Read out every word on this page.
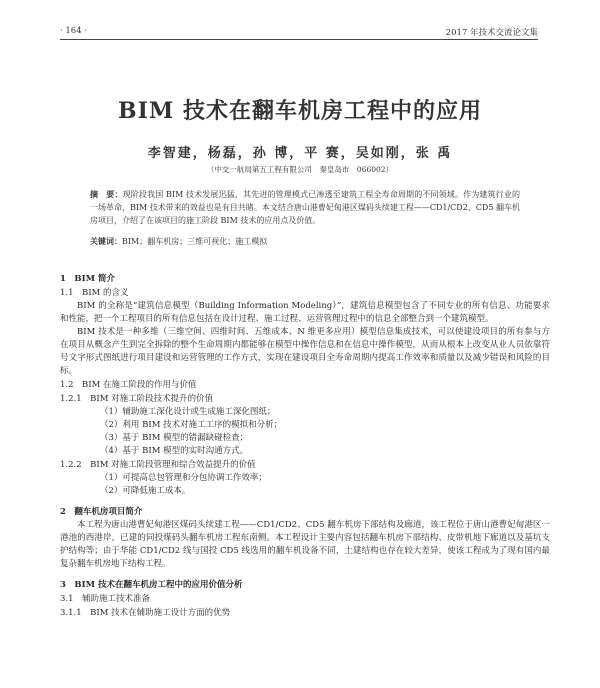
· 164 ·	2017 年技术交流论文集
BIM 技术在翻车机房工程中的应用
李智建，杨磊，孙 博，平 赛，吴如刚，张 禹
（中交一航局第五工程有限公司　秦皇岛市　066002）
摘　要：现阶段我国 BIM 技术发展迅猛，其先进的管理模式已渗透至建筑工程全寿命周期的不同领域。作为建筑行业的一场革命，BIM 技术带来的效益也是有目共睹。本文结合唐山港曹妃甸港区煤码头续建工程——CD1/CD2、CD5 翻车机房项目，介绍了在该项目的施工阶段 BIM 技术的应用点及价值。
关键词：BIM；翻车机房；三维可视化；施工模拟
1　BIM 简介
1.1　BIM 的含义
BIM 的全称是“建筑信息模型（Building Information Modeling）”，建筑信息模型包含了不同专业的所有信息、功能要求和性能，把一个工程项目的所有信息包括在设计过程、施工过程、运营管理过程中的信息全部整合到一个建筑模型。
BIM 技术是一种多维（三维空间、四维时间、五维成本、N 维更多应用）模型信息集成技术，可以使建设项目的所有参与方在项目从概念产生到完全拆除的整个生命周期内都能够在模型中操作信息和在信息中操作模型，从而从根本上改变从业人员依靠符号文字形式图纸进行项目建设和运营管理的工作方式，实现在建设项目全寿命周期内提高工作效率和质量以及减少错误和风险的目标。
1.2　BIM 在施工阶段的作用与价值
1.2.1　BIM 对施工阶段技术提升的价值
（1）辅助施工深化设计或生成施工深化图纸；
（2）利用 BIM 技术对施工工序的模拟和分析；
（3）基于 BIM 模型的错漏缺碰检查；
（4）基于 BIM 模型的实时沟通方式。
1.2.2　BIM 对施工阶段管理和综合效益提升的价值
（1）可提高总包管理和分包协调工作效率；
（2）可降低施工成本。
2　翻车机房项目简介
本工程为唐山港曹妃甸港区煤码头续建工程——CD1/CD2、CD5 翻车机房下部结构及廊道，该工程位于唐山港曹妃甸港区一港池的西港岸，已建的同投煤码头翻车机房工程东南侧。本工程设计主要内容包括翻车机房下部结构、皮带机地下廊道以及基坑支护结构等；由于华能 CD1/CD2 线与国投 CD5 线选用的翻车机设备不同，土建结构也存在较大差异，使该工程成为了现有国内最复杂翻车机房地下结构工程。
3　BIM 技术在翻车机房工程中的应用价值分析
3.1　辅助施工技术准备
3.1.1　BIM 技术在辅助施工设计方面的优势
